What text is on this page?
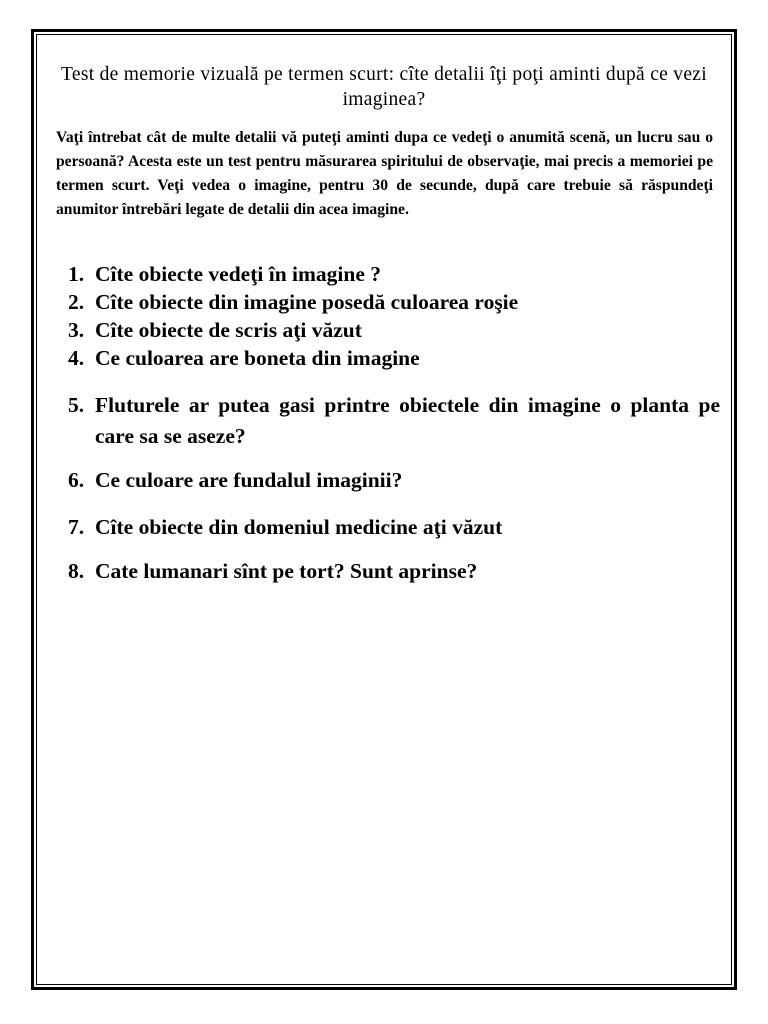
Test de memorie vizuală pe termen scurt: cîte detalii îţi poţi aminti după ce vezi imaginea?
Vaţi întrebat cât de multe detalii vă puteţi aminti dupa ce vedeţi o anumită scenă, un lucru sau o persoană? Acesta este un test pentru măsurarea spiritului de observaţie, mai precis a memoriei pe termen scurt. Veţi vedea o imagine, pentru 30 de secunde, după care trebuie să răspundeţi anumitor întrebări legate de detalii din acea imagine.
1. Cîte obiecte vedeţi în imagine ?
2. Cîte obiecte din imagine posedă culoarea roşie
3. Cîte obiecte de scris aţi văzut
4. Ce culoarea are boneta din imagine
5. Fluturele ar putea gasi printre obiectele din imagine o planta pe care sa se aseze?
6. Ce culoare are fundalul imaginii?
7. Cîte obiecte din domeniul medicine aţi văzut
8. Cate lumanari sînt pe tort? Sunt aprinse?
